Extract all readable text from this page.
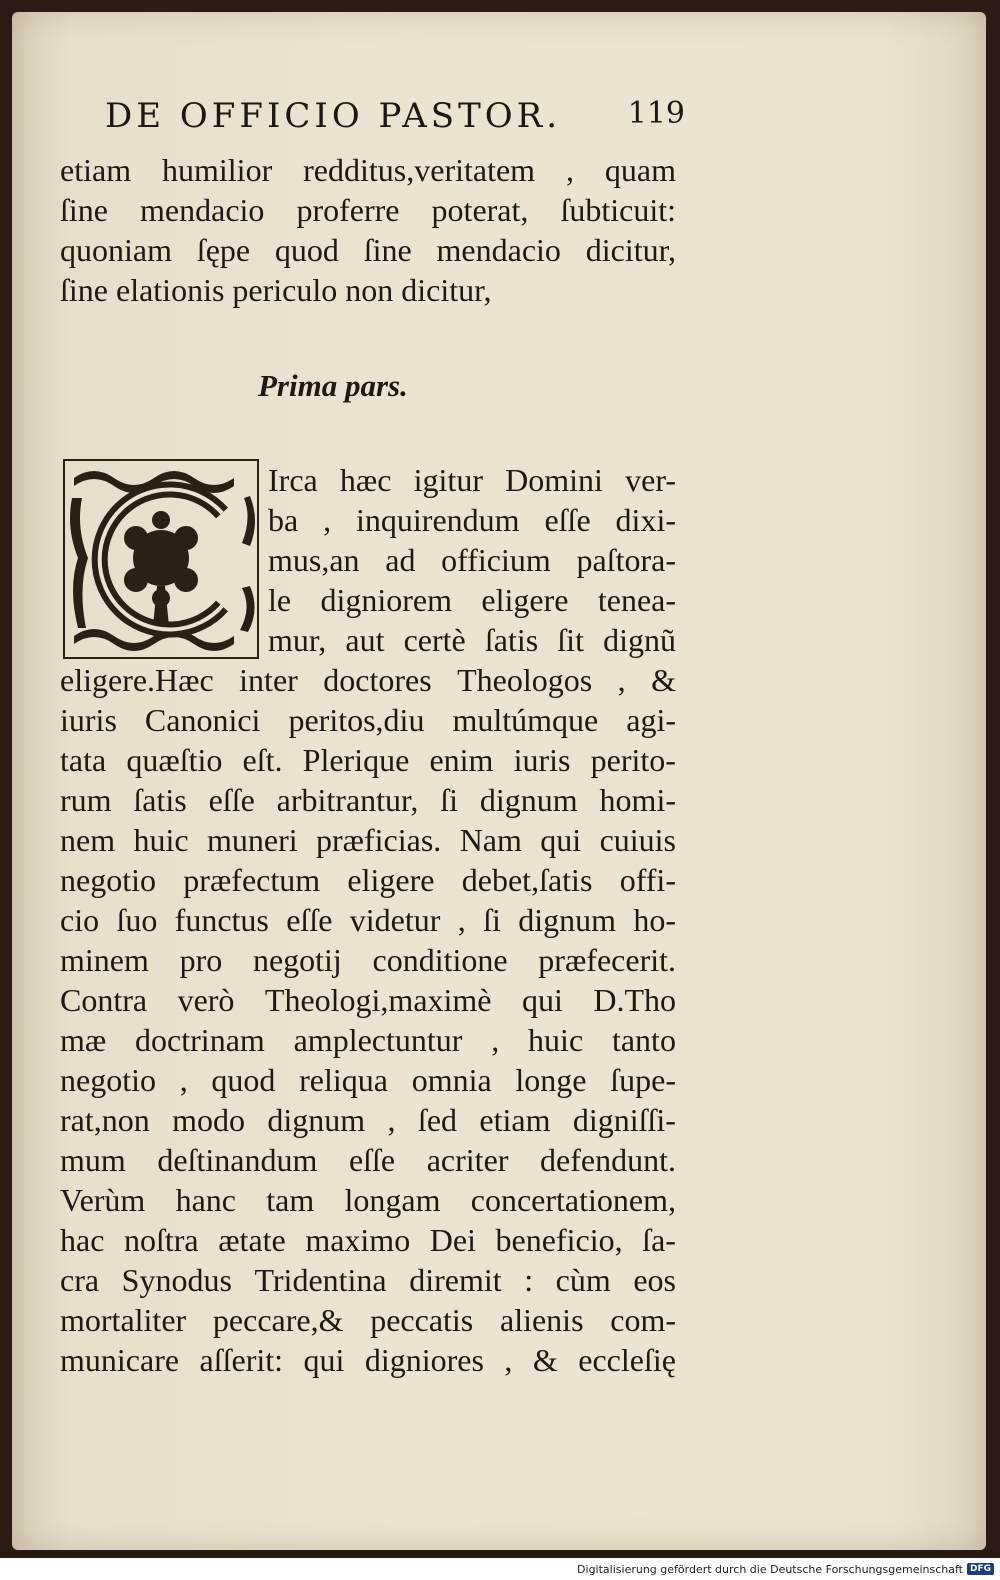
DE OFFICIO PASTOR. 119
etiam humilior redditus,veritatem , quam
ſine mendacio proferre poterat, ſubticuit:
quoniam ſępe quod ſine mendacio dicitur,
ſine elationis periculo non dicitur,
Prima pars.
Irca hæc igitur Domini ver-
ba , inquirendum eſſe dixi-
mus,an ad officium paſtora-
le digniorem eligere tenea-
mur, aut certè ſatis ſit dignũ
eligere.Hæc inter doctores Theologos , &
iuris Canonici peritos,diu multúmque agi-
tata quæſtio eſt. Plerique enim iuris perito-
rum ſatis eſſe arbitrantur, ſi dignum homi-
nem huic muneri præficias. Nam qui cuiuis
negotio præfectum eligere debet,ſatis offi-
cio ſuo functus eſſe videtur , ſi dignum ho-
minem pro negotij conditione præfecerit.
Contra verò Theologi,maximè qui D.Tho
mæ doctrinam amplectuntur , huic tanto
negotio , quod reliqua omnia longe ſupe-
rat,non modo dignum , ſed etiam digniſſi-
mum deſtinandum eſſe acriter defendunt.
Verùm hanc tam longam concertationem,
hac noſtra ætate maximo Dei beneficio, ſa-
cra Synodus Tridentina diremit : cùm eos
mortaliter peccare,& peccatis alienis com-
municare aſſerit: qui digniores , & eccleſię
Digitalisierung gefördert durch die Deutsche Forschungsgemeinschaft DFG
